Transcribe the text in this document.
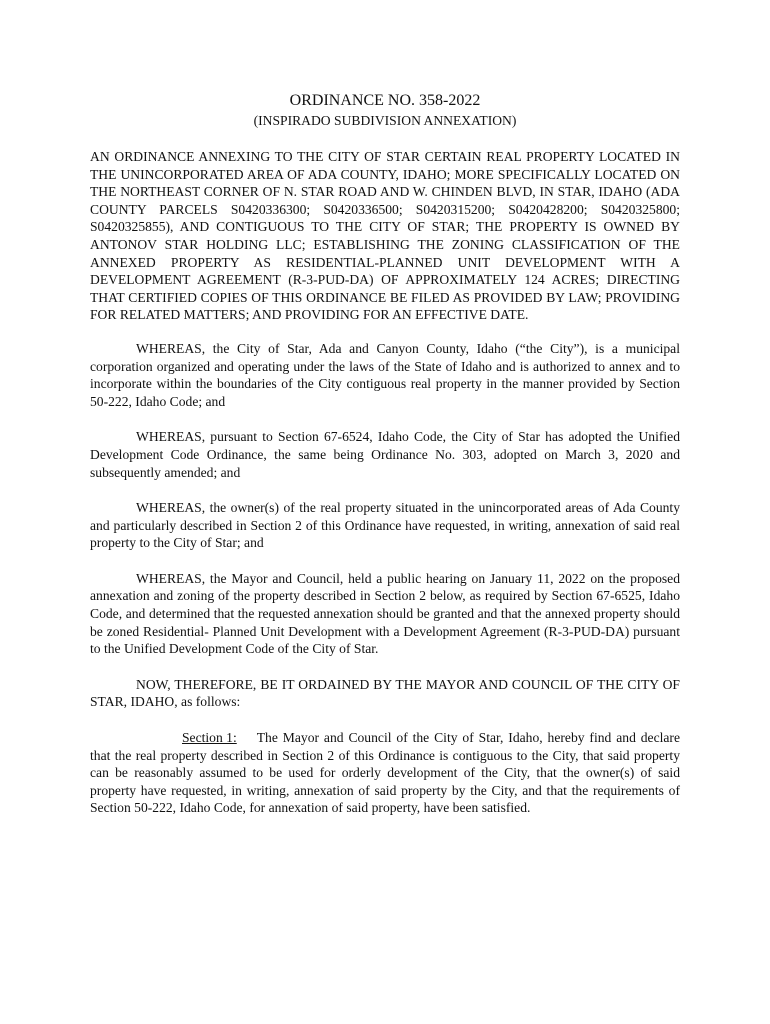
ORDINANCE NO. 358-2022

(INSPIRADO SUBDIVISION ANNEXATION)

AN ORDINANCE ANNEXING TO THE CITY OF STAR CERTAIN REAL PROPERTY LOCATED IN THE UNINCORPORATED AREA OF ADA COUNTY, IDAHO; MORE SPECIFICALLY LOCATED ON THE NORTHEAST CORNER OF N. STAR ROAD AND W. CHINDEN BLVD, IN STAR, IDAHO (ADA COUNTY PARCELS S0420336300; S0420336500; S0420315200; S0420428200; S0420325800; S0420325855), AND CONTIGUOUS TO THE CITY OF STAR; THE PROPERTY IS OWNED BY ANTONOV STAR HOLDING LLC; ESTABLISHING THE ZONING CLASSIFICATION OF THE ANNEXED PROPERTY AS RESIDENTIAL-PLANNED UNIT DEVELOPMENT WITH A DEVELOPMENT AGREEMENT (R-3-PUD-DA) OF APPROXIMATELY 124 ACRES; DIRECTING THAT CERTIFIED COPIES OF THIS ORDINANCE BE FILED AS PROVIDED BY LAW; PROVIDING FOR RELATED MATTERS; AND PROVIDING FOR AN EFFECTIVE DATE.

WHEREAS, the City of Star, Ada and Canyon County, Idaho (“the City”), is a municipal corporation organized and operating under the laws of the State of Idaho and is authorized to annex and to incorporate within the boundaries of the City contiguous real property in the manner provided by Section 50-222, Idaho Code; and

WHEREAS, pursuant to Section 67-6524, Idaho Code, the City of Star has adopted the Unified Development Code Ordinance, the same being Ordinance No. 303, adopted on March 3, 2020 and subsequently amended; and

WHEREAS, the owner(s) of the real property situated in the unincorporated areas of Ada County and particularly described in Section 2 of this Ordinance have requested, in writing, annexation of said real property to the City of Star; and

WHEREAS, the Mayor and Council, held a public hearing on January 11, 2022 on the proposed annexation and zoning of the property described in Section 2 below, as required by Section 67-6525, Idaho Code, and determined that the requested annexation should be granted and that the annexed property should be zoned Residential- Planned Unit Development with a Development Agreement (R-3-PUD-DA) pursuant to the Unified Development Code of the City of Star.

NOW, THEREFORE, BE IT ORDAINED BY THE MAYOR AND COUNCIL OF THE CITY OF STAR, IDAHO, as follows:

Section 1: The Mayor and Council of the City of Star, Idaho, hereby find and declare that the real property described in Section 2 of this Ordinance is contiguous to the City, that said property can be reasonably assumed to be used for orderly development of the City, that the owner(s) of said property have requested, in writing, annexation of said property by the City, and that the requirements of Section 50-222, Idaho Code, for annexation of said property, have been satisfied.
